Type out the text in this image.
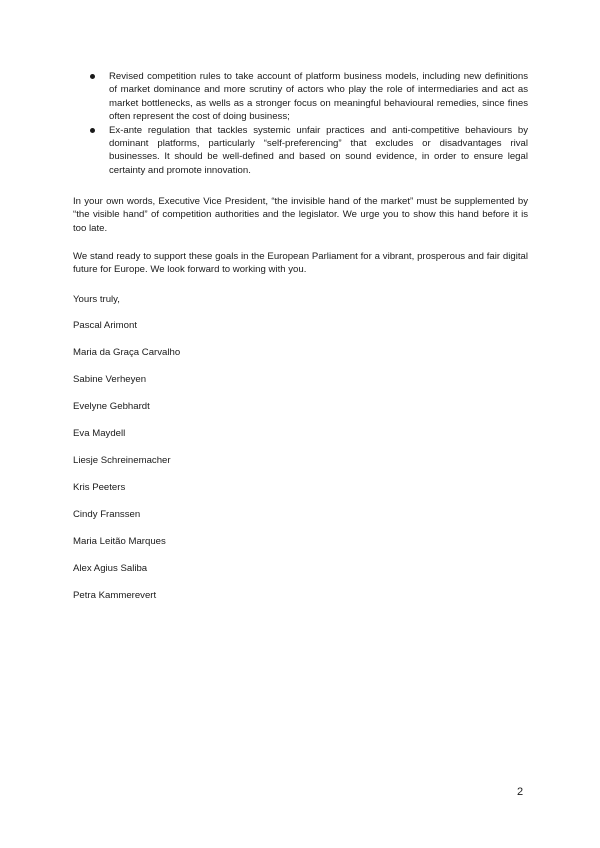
Revised competition rules to take account of platform business models, including new definitions of market dominance and more scrutiny of actors who play the role of intermediaries and act as market bottlenecks, as wells as a stronger focus on meaningful behavioural remedies, since fines often represent the cost of doing business;
Ex-ante regulation that tackles systemic unfair practices and anti-competitive behaviours by dominant platforms, particularly “self-preferencing” that excludes or disadvantages rival businesses. It should be well-defined and based on sound evidence, in order to ensure legal certainty and promote innovation.

In your own words, Executive Vice President, “the invisible hand of the market” must be supplemented by “the visible hand” of competition authorities and the legislator. We urge you to show this hand before it is too late.

We stand ready to support these goals in the European Parliament for a vibrant, prosperous and fair digital future for Europe. We look forward to working with you.

Yours truly,

Pascal Arimont
Maria da Graça Carvalho
Sabine Verheyen
Evelyne Gebhardt
Eva Maydell
Liesje Schreinemacher
Kris Peeters
Cindy Franssen
Maria Leitão Marques
Alex Agius Saliba
Petra Kammerevert
2
